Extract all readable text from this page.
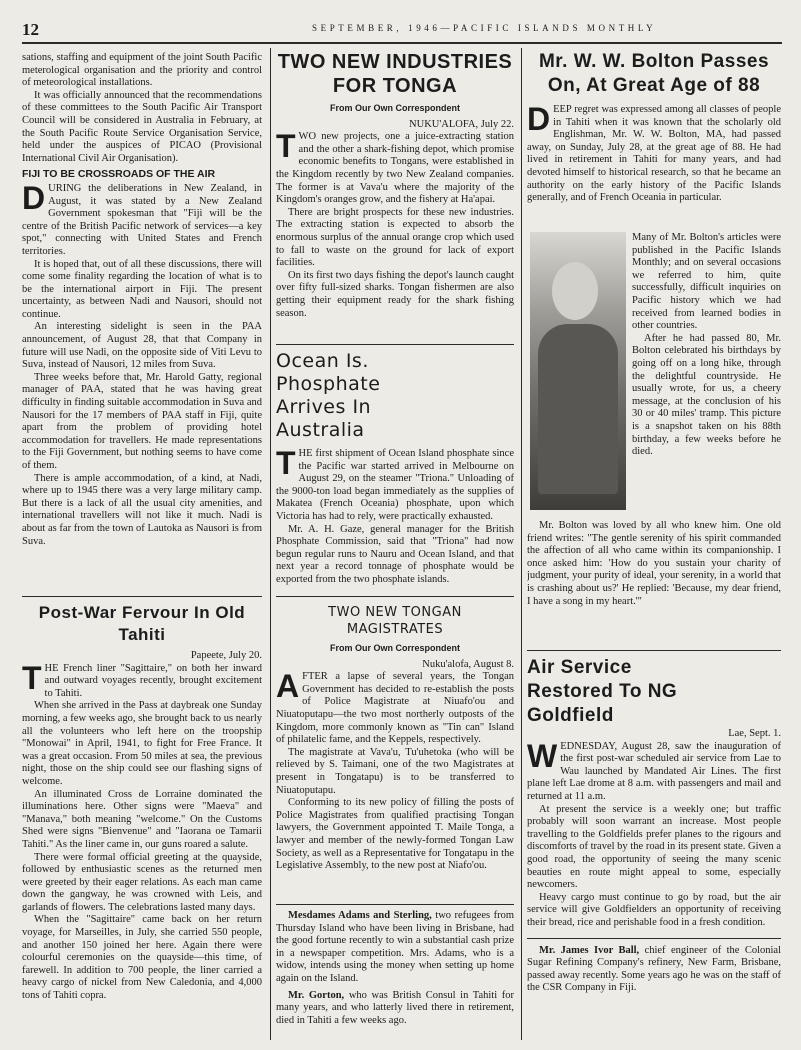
12	SEPTEMBER, 1946—PACIFIC ISLANDS MONTHLY

sations, staffing and equipment of the joint South Pacific meterological organisation and the priority and control of meteorological installations.

It was officially announced that the recommendations of these committees to the South Pacific Air Transport Council will be considered in Australia in February, at the South Pacific Route Service Organisation Service, held under the auspices of PICAO (Provisional International Civil Air Organisation).

FIJI TO BE CROSSROADS OF THE AIR

DURING the deliberations in New Zealand, in August, it was stated by a New Zealand Government spokesman that "Fiji will be the centre of the British Pacific network of services—a key spot," connecting with United States and French territories.

It is hoped that, out of all these discussions, there will come some finality regarding the location of what is to be the international airport in Fiji. The present uncertainty, as between Nadi and Nausori, should not continue.

An interesting sidelight is seen in the PAA announcement, of August 28, that that Company in future will use Nadi, on the opposite side of Viti Levu to Suva, instead of Nausori, 12 miles from Suva.

Three weeks before that, Mr. Harold Gatty, regional manager of PAA, stated that he was having great difficulty in finding suitable accommodation in Suva and Nausori for the 17 members of PAA staff in Fiji, quite apart from the problem of providing hotel accommodation for travellers. He made representations to the Fiji Government, but nothing seems to have come of them.

There is ample accommodation, of a kind, at Nadi, where up to 1945 there was a very large military camp. But there is a lack of all the usual city amenities, and international travellers will not like it much. Nadi is about as far from the town of Lautoka as Nausori is from Suva.

Post-War Fervour In Old Tahiti

Papeete, July 20.

THE French liner "Sagittaire," on both her inward and outward voyages recently, brought excitement to Tahiti.

When she arrived in the Pass at daybreak one Sunday morning, a few weeks ago, she brought back to us nearly all the volunteers who left here on the troopship "Monowai" in April, 1941, to fight for Free France. It was a great occasion. From 50 miles at sea, the previous night, those on the ship could see our flashing signs of welcome.

An illuminated Cross de Lorraine dominated the illuminations here. Other signs were "Maeva" and "Manava," both meaning "welcome." On the Customs Shed were signs "Bienvenue" and "Iaorana oe Tamarii Tahiti." As the liner came in, our guns roared a salute.

There were formal official greeting at the quayside, followed by enthusiastic scenes as the returned men were greeted by their eager relations. As each man came down the gangway, he was crowned with Leis, and garlands of flowers. The celebrations lasted many days.

When the "Sagittaire" came back on her return voyage, for Marseilles, in July, she carried 550 people, and another 150 joined her here. Again there were colourful ceremonies on the quayside—this time, of farewell. In addition to 700 people, the liner carried a heavy cargo of nickel from New Caledonia, and 4,000 tons of Tahiti copra.

TWO NEW INDUSTRIES FOR TONGA
From Our Own Correspondent

NUKU'ALOFA, July 22.

TWO new projects, one a juice-extracting station and the other a shark-fishing depot, which promise economic benefits to Tongans, were established in the Kingdom recently by two New Zealand companies. The former is at Vava'u where the majority of the Kingdom's oranges grow, and the fishery at Ha'apai.

There are bright prospects for these new industries. The extracting station is expected to absorb the enormous surplus of the annual orange crop which used to fall to waste on the ground for lack of export facilities.

On its first two days fishing the depot's launch caught over fifty full-sized sharks. Tongan fishermen are also getting their equipment ready for the shark fishing season.

Ocean Is. Phosphate Arrives In Australia

THE first shipment of Ocean Island phosphate since the Pacific war started arrived in Melbourne on August 29, on the steamer "Triona." Unloading of the 9000-ton load began immediately as the supplies of Makatea (French Oceania) phosphate, upon which Victoria has had to rely, were practically exhausted.

Mr. A. H. Gaze, general manager for the British Phosphate Commission, said that "Triona" had now begun regular runs to Nauru and Ocean Island, and that next year a record tonnage of phosphate would be exported from the two phosphate islands.

TWO NEW TONGAN MAGISTRATES
From Our Own Correspondent

Nuku'alofa, August 8.

AFTER a lapse of several years, the Tongan Government has decided to re-establish the posts of Police Magistrate at Niuafo'ou and Niuatoputapu—the two most northerly outposts of the Kingdom, more commonly known as "Tin can" Island of philatelic fame, and the Keppels, respectively.

The magistrate at Vava'u, Tu'uhetoka (who will be relieved by S. Taimani, one of the two Magistrates at present in Tongatapu) is to be transferred to Niuatoputapu.

Conforming to its new policy of filling the posts of Police Magistrates from qualified practising Tongan lawyers, the Government appointed T. Maile Tonga, a lawyer and member of the newly-formed Tongan Law Society, as well as a Representative for Tongatapu in the Legislative Assembly, to the new post at Niafo'ou.

Mesdames Adams and Sterling, two refugees from Thursday Island who have been living in Brisbane, had the good fortune recently to win a substantial cash prize in a newspaper competition. Mrs. Adams, who is a widow, intends using the money when setting up home again on the Island.

Mr. Gorton, who was British Consul in Tahiti for many years, and who latterly lived there in retirement, died in Tahiti a few weeks ago.

Mr. W. W. Bolton Passes On, At Great Age of 88

DEEP regret was expressed among all classes of people in Tahiti when it was known that the scholarly old Englishman, Mr. W. W. Bolton, MA, had passed away, on Sunday, July 28, at the great age of 88. He had lived in retirement in Tahiti for many years, and had devoted himself to historical research, so that he became an authority on the early history of the Pacific Islands generally, and of French Oceania in particular.

Many of Mr. Bolton's articles were published in the Pacific Islands Monthly; and on several occasions we referred to him, quite successfully, difficult inquiries on Pacific history which we had received from learned bodies in other countries.

After he had passed 80, Mr. Bolton celebrated his birthdays by going off on a long hike, through the delightful countryside. He usually wrote, for us, a cheery message, at the conclusion of his 30 or 40 miles' tramp. This picture is a snapshot taken on his 88th birthday, a few weeks before he died.

Mr. Bolton was loved by all who knew him. One old friend writes: "The gentle serenity of his spirit commanded the affection of all who came within its companionship. I once asked him: 'How do you sustain your charity of judgment, your purity of ideal, your serenity, in a world that is crashing about us?' He replied: 'Because, my dear friend, I have a song in my heart.'"

Air Service Restored To NG Goldfield

Lae, Sept. 1.

WEDNESDAY, August 28, saw the inauguration of the first post-war scheduled air service from Lae to Wau launched by Mandated Air Lines. The first plane left Lae drome at 8 a.m. with passengers and mail and returned at 11 a.m.

At present the service is a weekly one; but traffic probably will soon warrant an increase. Most people travelling to the Goldfields prefer planes to the rigours and discomforts of travel by the road in its present state. Given a good road, the opportunity of seeing the many scenic beauties en route might appeal to some, especially newcomers.

Heavy cargo must continue to go by road, but the air service will give Goldfielders an opportunity of receiving their bread, rice and perishable food in a fresh condition.

Mr. James Ivor Ball, chief engineer of the Colonial Sugar Refining Company's refinery, New Farm, Brisbane, passed away recently. Some years ago he was on the staff of the CSR Company in Fiji.
